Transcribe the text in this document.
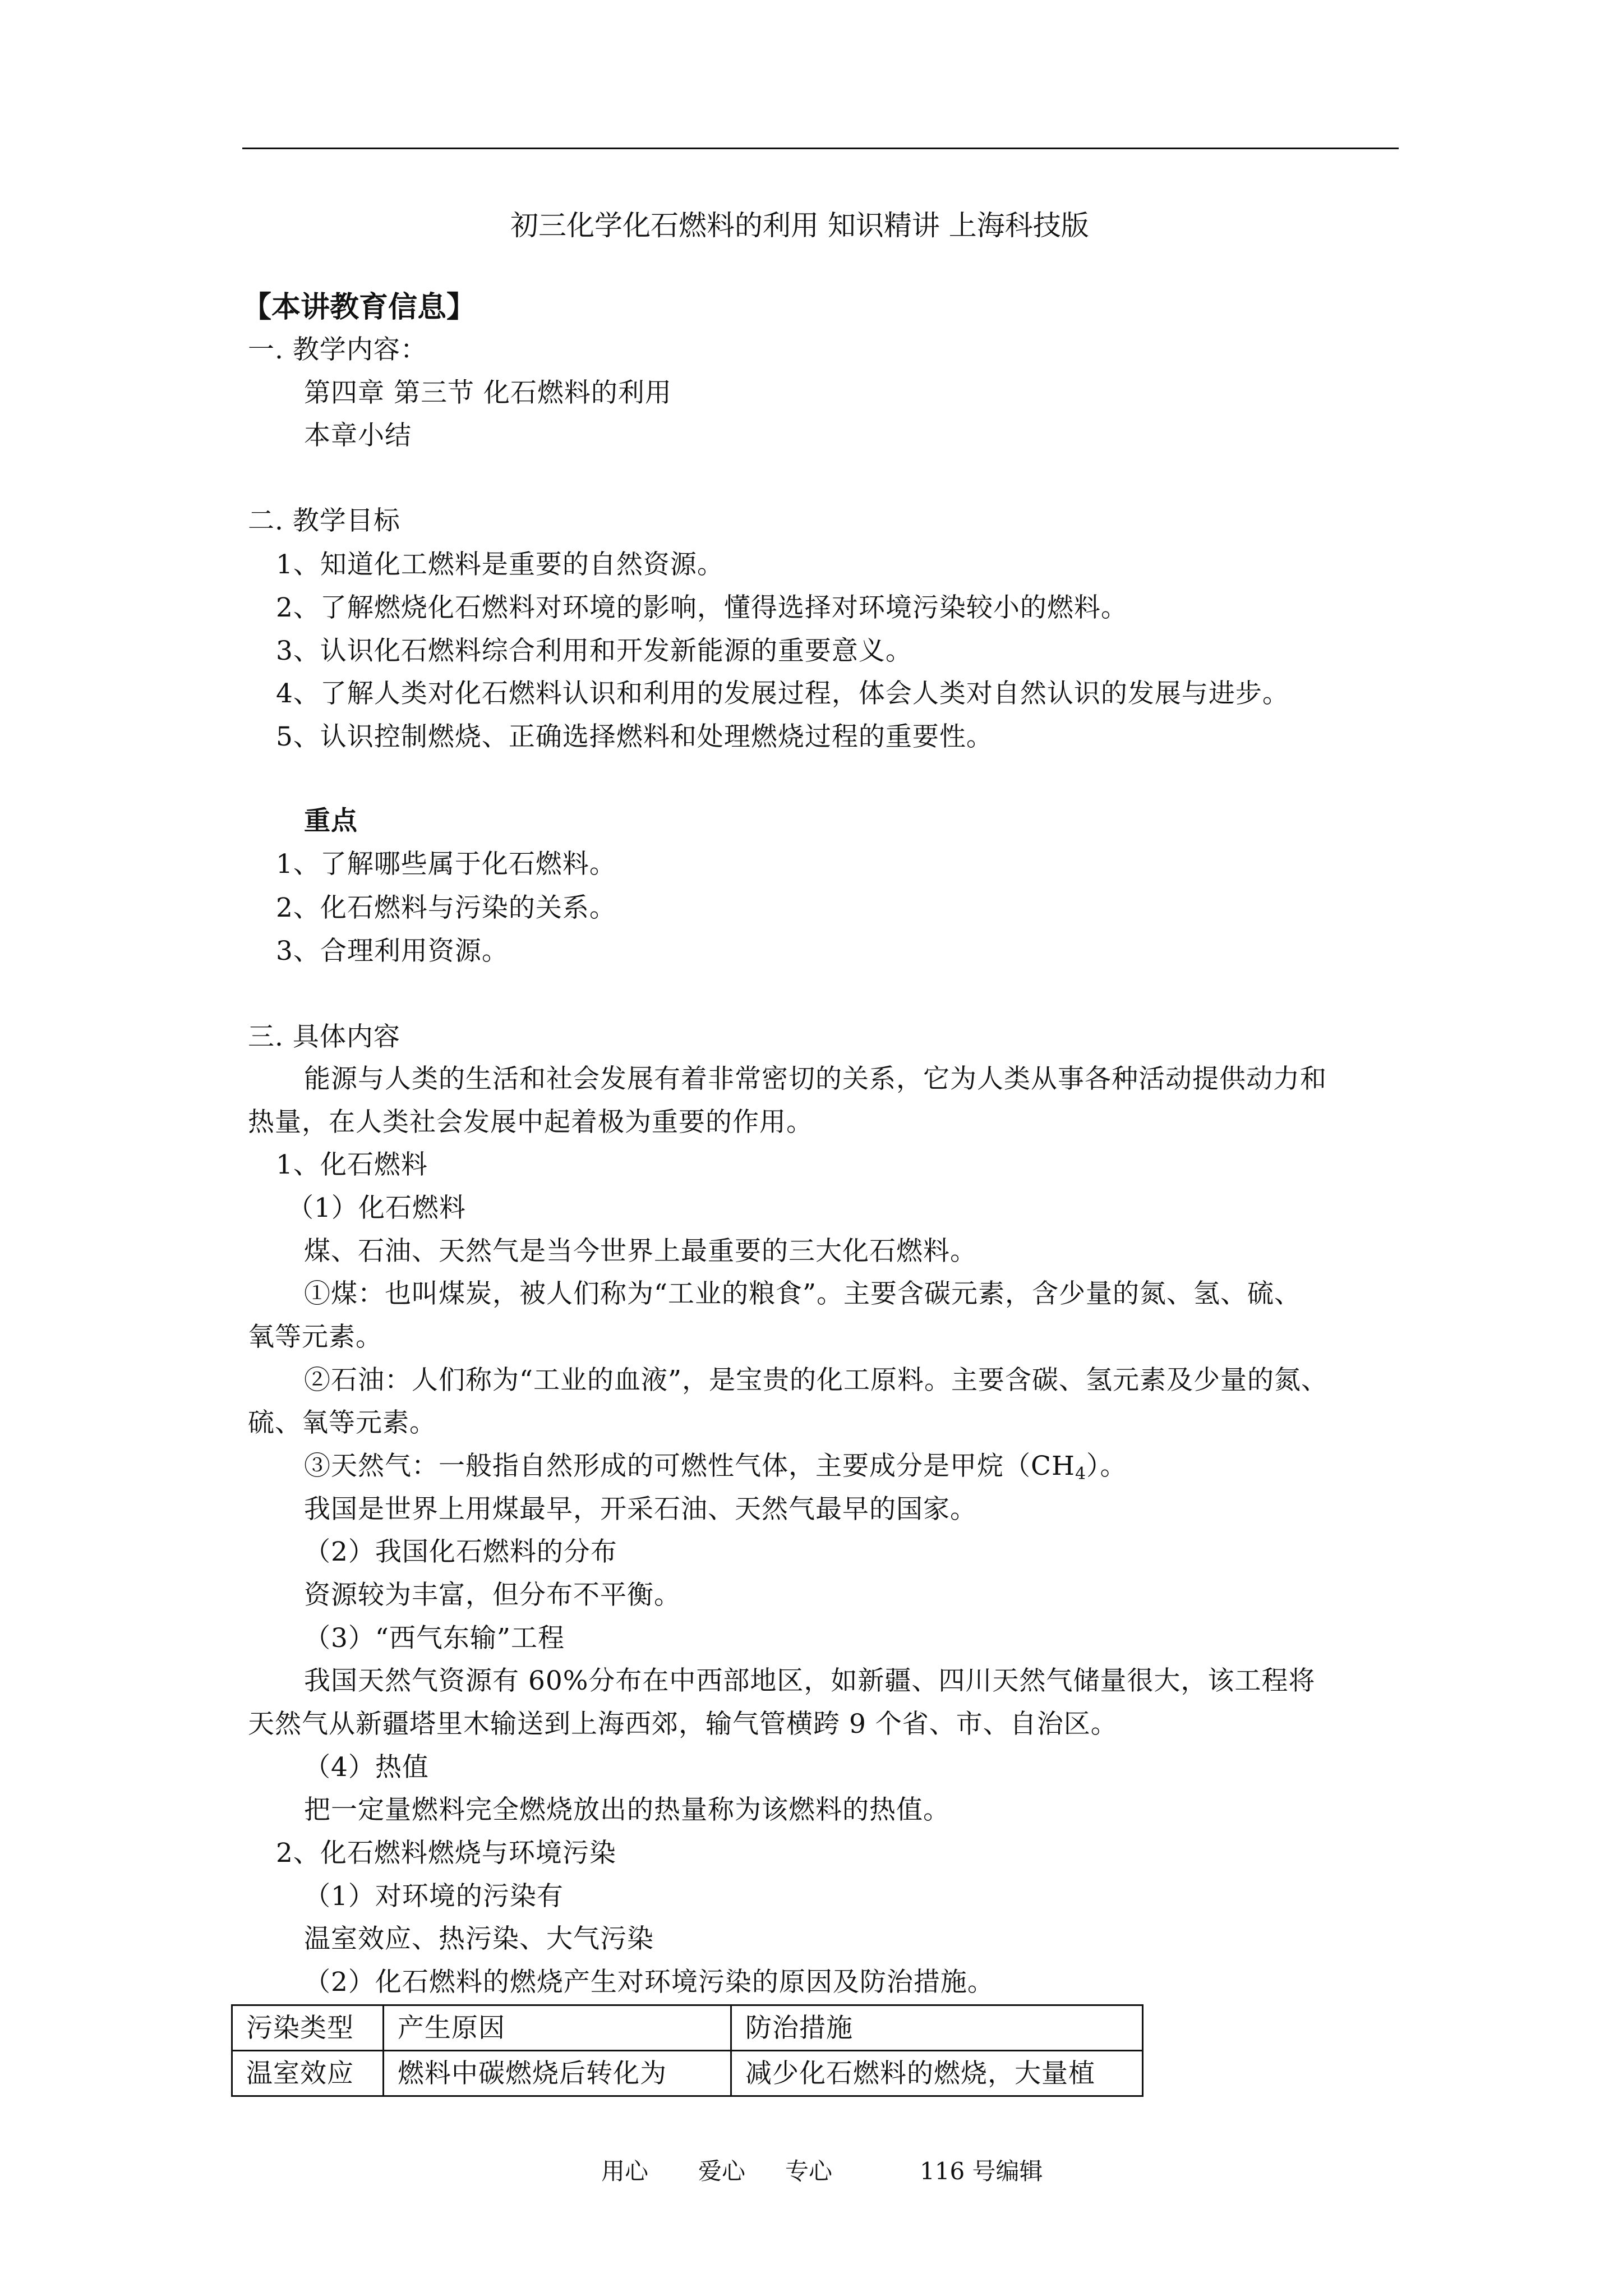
初三化学化石燃料的利用 知识精讲 上海科技版
【本讲教育信息】
一. 教学内容：
第四章 第三节 化石燃料的利用
本章小结
二. 教学目标
1、知道化工燃料是重要的自然资源。
2、了解燃烧化石燃料对环境的影响，懂得选择对环境污染较小的燃料。
3、认识化石燃料综合利用和开发新能源的重要意义。
4、了解人类对化石燃料认识和利用的发展过程，体会人类对自然认识的发展与进步。
5、认识控制燃烧、正确选择燃料和处理燃烧过程的重要性。
重点
1、了解哪些属于化石燃料。
2、化石燃料与污染的关系。
3、合理利用资源。
三. 具体内容
能源与人类的生活和社会发展有着非常密切的关系，它为人类从事各种活动提供动力和
热量，在人类社会发展中起着极为重要的作用。
1、化石燃料
（1）化石燃料
煤、石油、天然气是当今世界上最重要的三大化石燃料。
①煤：也叫煤炭，被人们称为“工业的粮食”。主要含碳元素，含少量的氮、氢、硫、
氧等元素。
②石油：人们称为“工业的血液”，是宝贵的化工原料。主要含碳、氢元素及少量的氮、
硫、氧等元素。
③天然气：一般指自然形成的可燃性气体，主要成分是甲烷$(CH_4)$。
我国是世界上用煤最早，开采石油、天然气最早的国家。
（2）我国化石燃料的分布
资源较为丰富，但分布不平衡。
（3）“西气东输”工程
我国天然气资源有 60%分布在中西部地区，如新疆、四川天然气储量很大，该工程将
天然气从新疆塔里木输送到上海西郊，输气管横跨 9 个省、市、自治区。
（4）热值
把一定量燃料完全燃烧放出的热量称为该燃料的热值。
2、化石燃料燃烧与环境污染
（1）对环境的污染有
温室效应、热污染、大气污染
（2）化石燃料的燃烧产生对环境污染的原因及防治措施。
污染类型	产生原因	防治措施
温室效应	燃料中碳燃烧后转化为	减少化石燃料的燃烧，大量植
用心 爱心 专心	116 号编辑
